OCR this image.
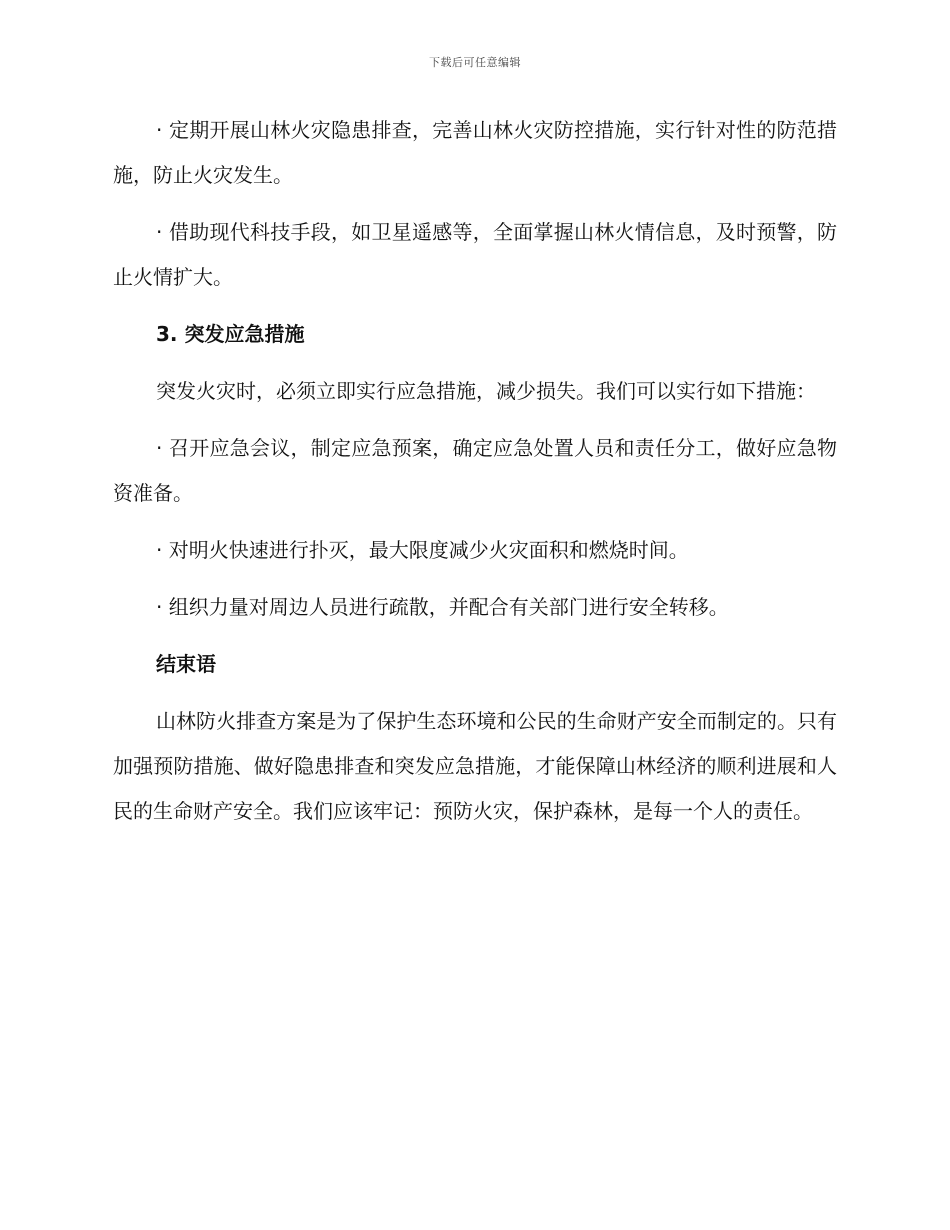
下载后可任意编辑

· 定期开展山林火灾隐患排查，完善山林火灾防控措施，实行针对性的防范措施，防止火灾发生。

· 借助现代科技手段，如卫星遥感等，全面掌握山林火情信息，及时预警，防止火情扩大。

3. 突发应急措施

突发火灾时，必须立即实行应急措施，减少损失。我们可以实行如下措施：

· 召开应急会议，制定应急预案，确定应急处置人员和责任分工，做好应急物资准备。

· 对明火快速进行扑灭，最大限度减少火灾面积和燃烧时间。

· 组织力量对周边人员进行疏散，并配合有关部门进行安全转移。

结束语

山林防火排查方案是为了保护生态环境和公民的生命财产安全而制定的。只有加强预防措施、做好隐患排查和突发应急措施，才能保障山林经济的顺利进展和人民的生命财产安全。我们应该牢记：预防火灾，保护森林，是每一个人的责任。
